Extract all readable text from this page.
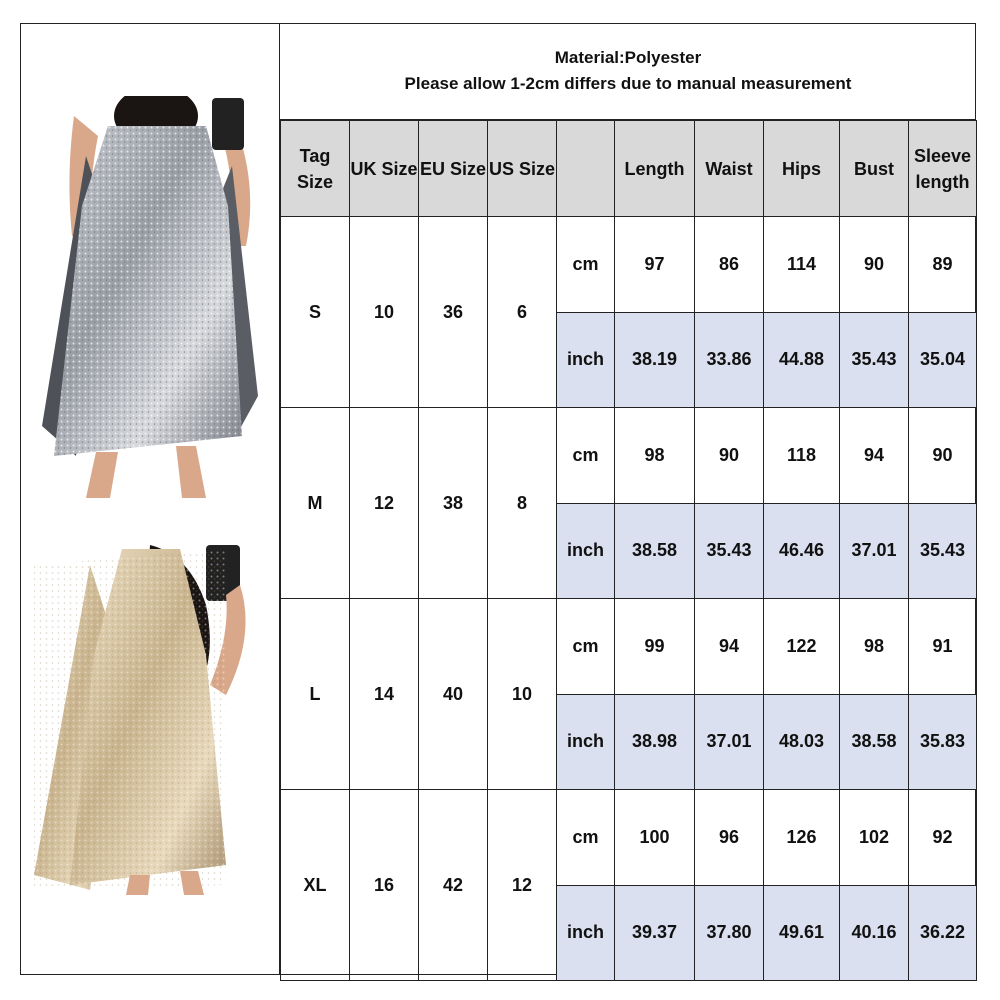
Material:Polyester
Please allow 1-2cm differs due to manual measurement
Tag Size	UK Size	EU Size	US Size		Length	Waist	Hips	Bust	Sleeve length
S	10	36	6	cm	97	86	114	90	89
				inch	38.19	33.86	44.88	35.43	35.04
M	12	38	8	cm	98	90	118	94	90
				inch	38.58	35.43	46.46	37.01	35.43
L	14	40	10	cm	99	94	122	98	91
				inch	38.98	37.01	48.03	38.58	35.83
XL	16	42	12	cm	100	96	126	102	92
				inch	39.37	37.80	49.61	40.16	36.22
